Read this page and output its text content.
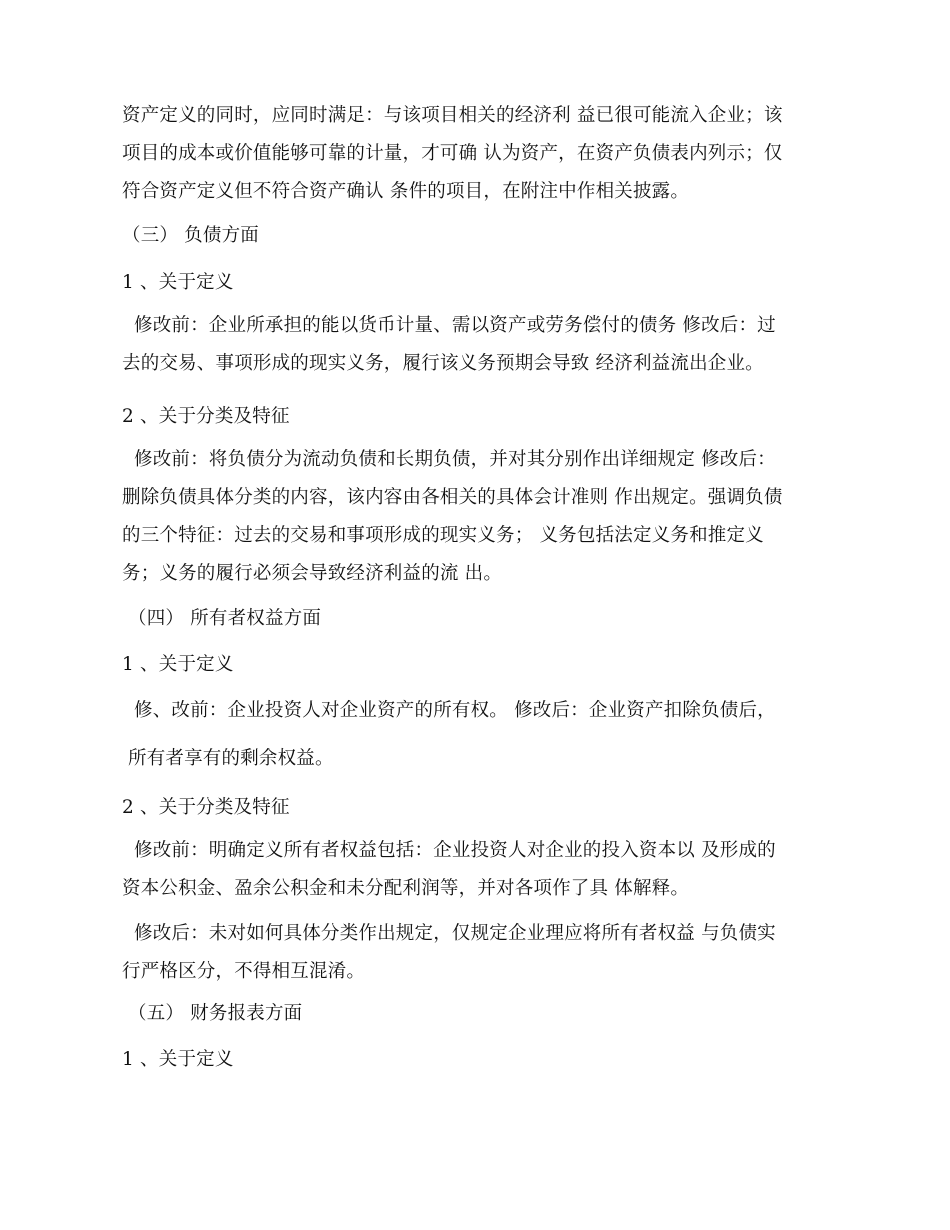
资产定义的同时，应同时满足：与该项目相关的经济利 益已很可能流入企业；该
项目的成本或价值能够可靠的计量，才可确 认为资产，在资产负债表内列示；仅
符合资产定义但不符合资产确认 条件的项目，在附注中作相关披露。

（三） 负债方面

1 、关于定义

修改前：企业所承担的能以货币计量、需以资产或劳务偿付的债务 修改后：过
去的交易、事项形成的现实义务，履行该义务预期会导致 经济利益流出企业。

2 、关于分类及特征

修改前：将负债分为流动负债和长期负债，并对其分别作出详细规定 修改后：
删除负债具体分类的内容，该内容由各相关的具体会计准则 作出规定。强调负债
的三个特征：过去的交易和事项形成的现实义务； 义务包括法定义务和推定义
务；义务的履行必须会导致经济利益的流 出。

（四） 所有者权益方面

1 、关于定义

修、改前：企业投资人对企业资产的所有权。 修改后：企业资产扣除负债后，

所有者享有的剩余权益。

2 、关于分类及特征

修改前：明确定义所有者权益包括：企业投资人对企业的投入资本以 及形成的
资本公积金、盈余公积金和未分配利润等，并对各项作了具 体解释。

修改后：未对如何具体分类作出规定，仅规定企业理应将所有者权益 与负债实
行严格区分，不得相互混淆。

（五） 财务报表方面

1 、关于定义
